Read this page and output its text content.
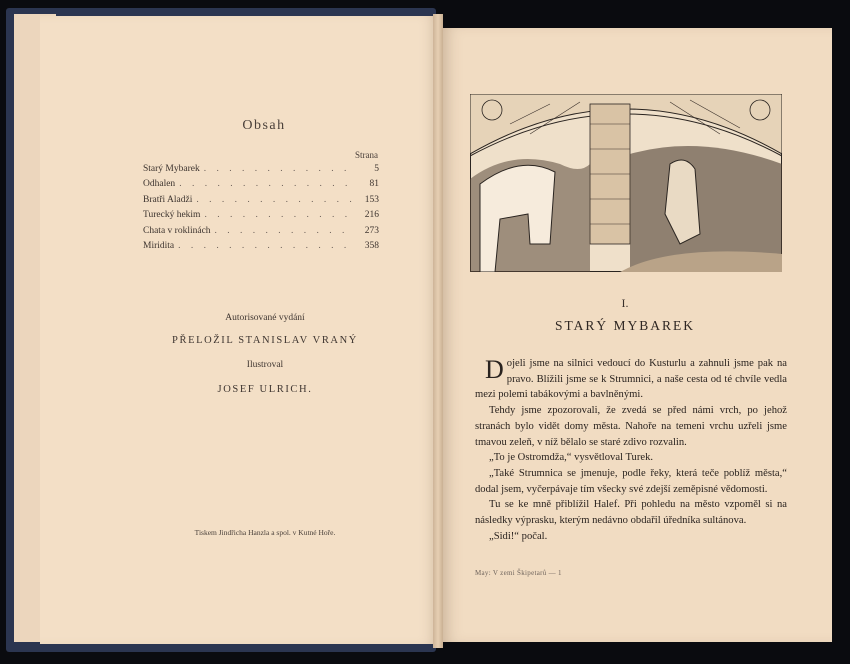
Obsah
Strana
Starý Mybarek . . .	5
Odhalen . . .	81
Bratři Aladži . . .	153
Turecký hekim . . .	216
Chata v roklinách . . .	273
Miridita . . .	358
Autorisované vydání
PŘELOŽIL STANISLAV VRANÝ
Ilustroval
JOSEF ULRICH.
Tiskem Jindřicha Hanzla a spol. v Kutné Hoře.
I.
STARÝ MYBAREK

Dojeli jsme na silnici vedoucí do Kusturlu a zahnuli jsme pak na pravo. Blížili jsme se k Strumnici, a naše cesta od té chvíle vedla mezi polemi tabákovými a bavlněnými.

Tehdy jsme zpozorovali, že zvedá se před námi vrch, po jehož stranách bylo vidět domy města. Nahoře na temeni vrchu uzřeli jsme tmavou zeleň, v níž bělalo se staré zdivo rozvalin.

„To je Ostromdža,“ vysvětloval Turek.

„Také Strumnica se jmenuje, podle řeky, která teče poblíž města,“ dodal jsem, vyčerpávaje tím všecky své zdejší zeměpisné vědomosti.

Tu se ke mně přiblížil Halef. Při pohledu na město vzpoměl si na následky výprasku, kterým nedávno obdařil úředníka sultánova.

„Sidi!“ počal.

May: V zemi Škipetarů — 1
